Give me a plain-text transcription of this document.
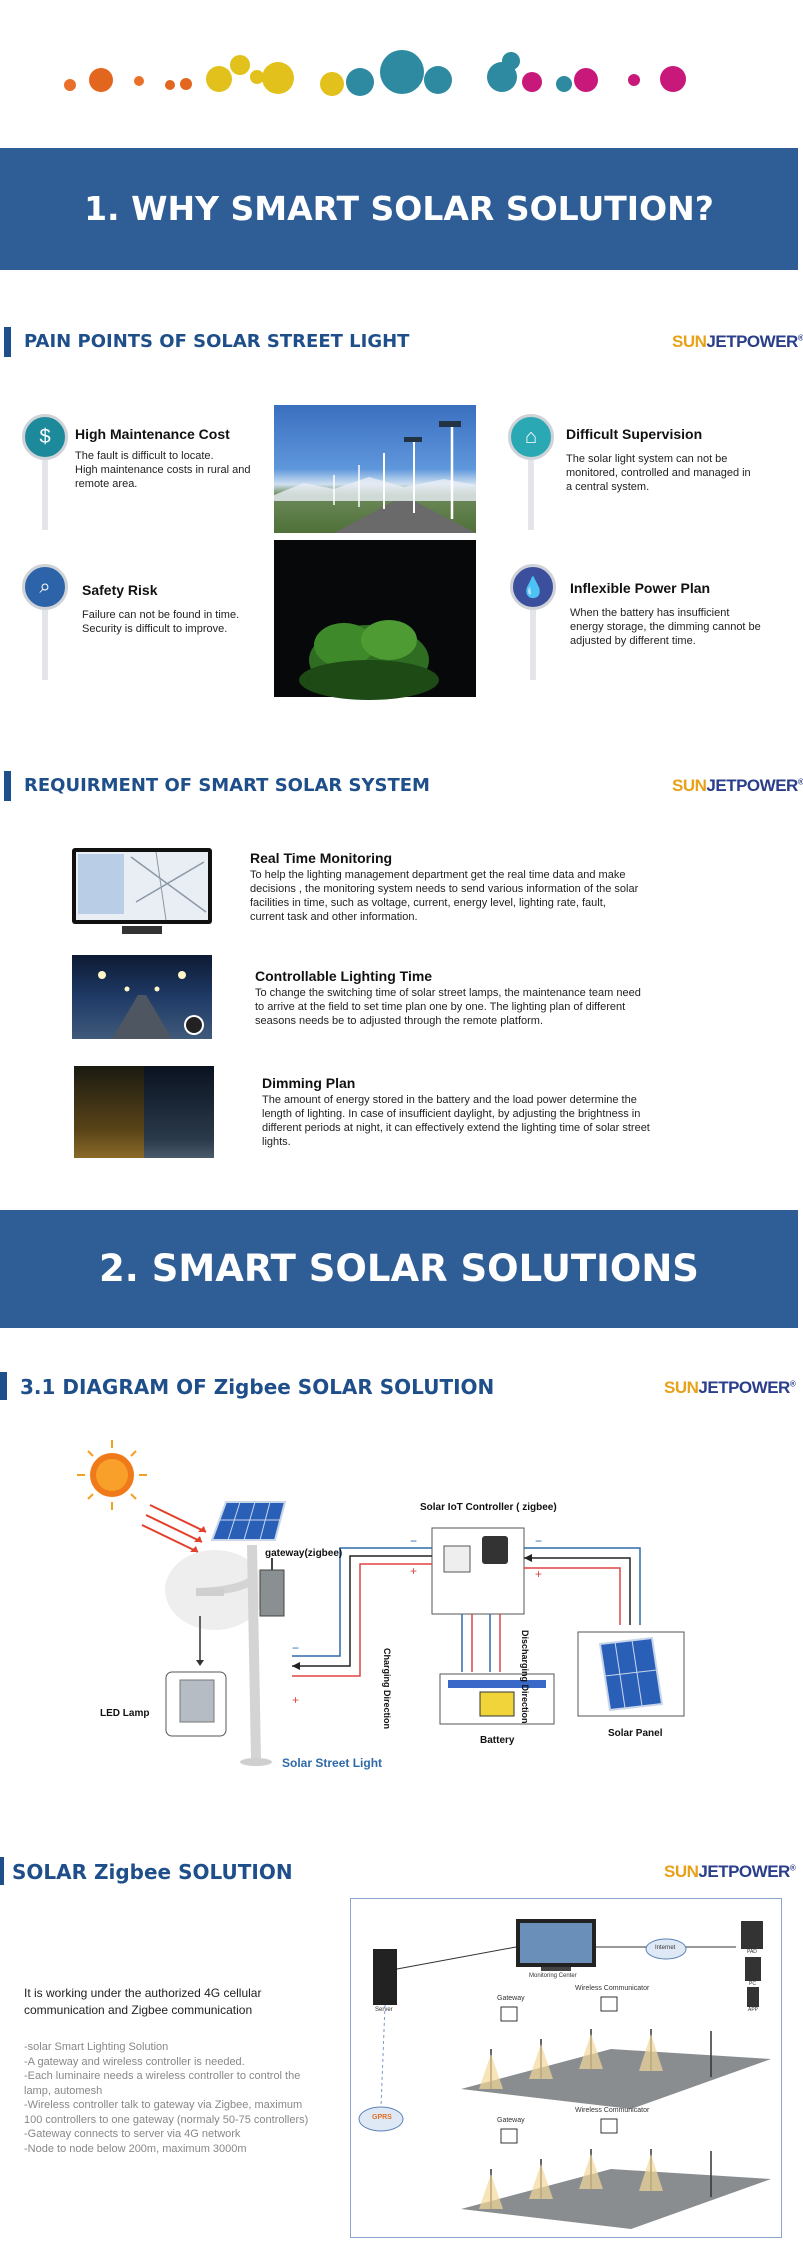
1. WHY SMART SOLAR SOLUTION?
PAIN POINTS OF SOLAR STREET LIGHT	SUNJETPOWER®
$	High Maintenance Cost
The fault is difficult to locate.
High maintenance costs in rural and
remote area.
⌂	Difficult Supervision
The solar light system can not be
monitored, controlled and managed in
a central system.
⌕	Safety Risk
Failure can not be found in time.
Security is difficult to improve.
💧	Inflexible Power Plan
When the battery has insufficient
energy storage, the dimming cannot be
adjusted by different time.
REQUIRMENT OF SMART SOLAR SYSTEM	SUNJETPOWER®
Real Time Monitoring
To help the lighting management department get the real time data and make
decisions , the monitoring system needs to send various information of the solar
facilities in time, such as voltage, current, energy level, lighting rate, fault,
current task and other information.
Controllable Lighting Time
To change the switching time of solar street lamps, the maintenance team need
to arrive at the field to set time plan one by one. The lighting plan of different
seasons needs be to adjusted through the remote platform.
Dimming Plan
The amount of energy stored in the battery and the load power determine the
length of lighting. In case of insufficient daylight, by adjusting the brightness in
different periods at night, it can effectively extend the lighting time of solar street
lights.
2. SMART SOLAR SOLUTIONS
3.1 DIAGRAM OF Zigbee SOLAR SOLUTION	SUNJETPOWER®
−	−
−
+	+
+
Solar IoT Controller ( zigbee)
gateway(zigbee)
Charging Direction	Discharging Direction
LED Lamp
Solar Street Light
Battery
Solar Panel
SOLAR Zigbee SOLUTION	SUNJETPOWER®
It is working under the authorized 4G cellular
communication and Zigbee communication
-solar Smart Lighting Solution
-A gateway and wireless controller is needed.
-Each luminaire needs a wireless controller to control the
lamp, automesh
-Wireless controller talk to gateway via Zigbee, maximum
100 controllers to one gateway (normaly 50-75 controllers)
-Gateway connects to server via 4G network
-Node to node below 200m, maximum 3000m
Monitoring Center
Internet
Server
GPRS
Wireless Communicator
Gateway
Wireless Communicator
Gateway
PAD
PC
APP
